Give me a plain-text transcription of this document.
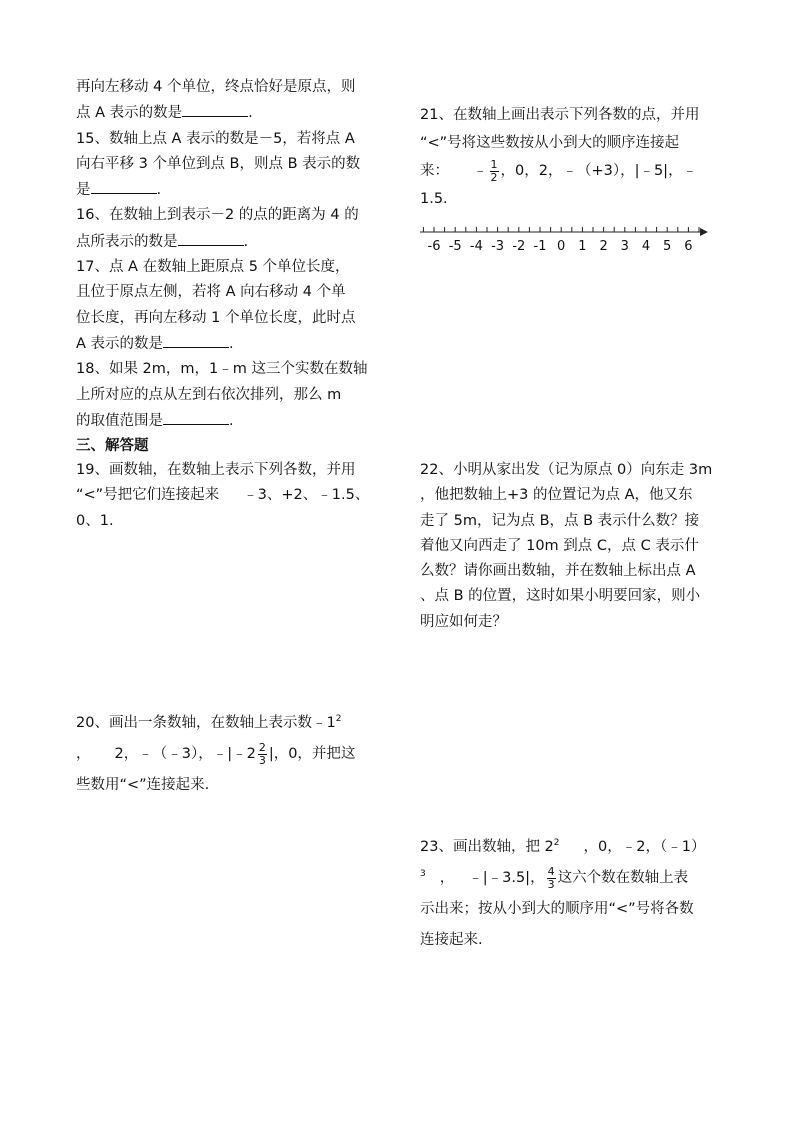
再向左移动 4 个单位，终点恰好是原点，则
点 A 表示的数是	.
15、数轴上点 A 表示的数是－5，若将点 A
向右平移 3 个单位到点 B，则点 B 表示的数
是	.
16、在数轴上到表示－2 的点的距离为 4 的
点所表示的数是	.
17、点 A 在数轴上距原点 5 个单位长度，
且位于原点左侧，若将 A 向右移动 4 个单
位长度，再向左移动 1 个单位长度，此时点
A 表示的数是	.
18、如果 2m，m，1﹣m 这三个实数在数轴
上所对应的点从左到右依次排列，那么 m
的取值范围是	.
三、解答题
19、画数轴，在数轴上表示下列各数，并用
“<”号把它们连接起来 ﹣3、+2、﹣1.5、
0、1.
20、画出一条数轴，在数轴上表示数$﹣1^2$
， 2，﹣（﹣3），﹣|﹣2 $\frac{2}{3}$ |，0，并把这
些数用“<”连接起来.
21、在数轴上画出表示下列各数的点，并用
“<”号将这些数按从小到大的顺序连接起
来： ﹣ $\frac{1}{2}$ ，0，2，﹣（+3），|﹣5|，﹣
1.5.
-6 -5 -4 -3 -2 -1 0 1 2 3 4 5 6
22、小明从家出发（记为原点 0）向东走 3m
，他把数轴上+3 的位置记为点 A，他又东
走了 5m，记为点 B，点 B 表示什么数？接
着他又向西走了 10m 到点 C，点 C 表示什
么数？请你画出数轴，并在数轴上标出点 A
、点 B 的位置，这时如果小明要回家，则小
明应如何走？
23、画出数轴，把 $2^2$ ，0，﹣2，（﹣1）
$^3$ ， ﹣|﹣3.5|， $\frac{4}{3}$ 这六个数在数轴上表
示出来；按从小到大的顺序用“<”号将各数
连接起来.
